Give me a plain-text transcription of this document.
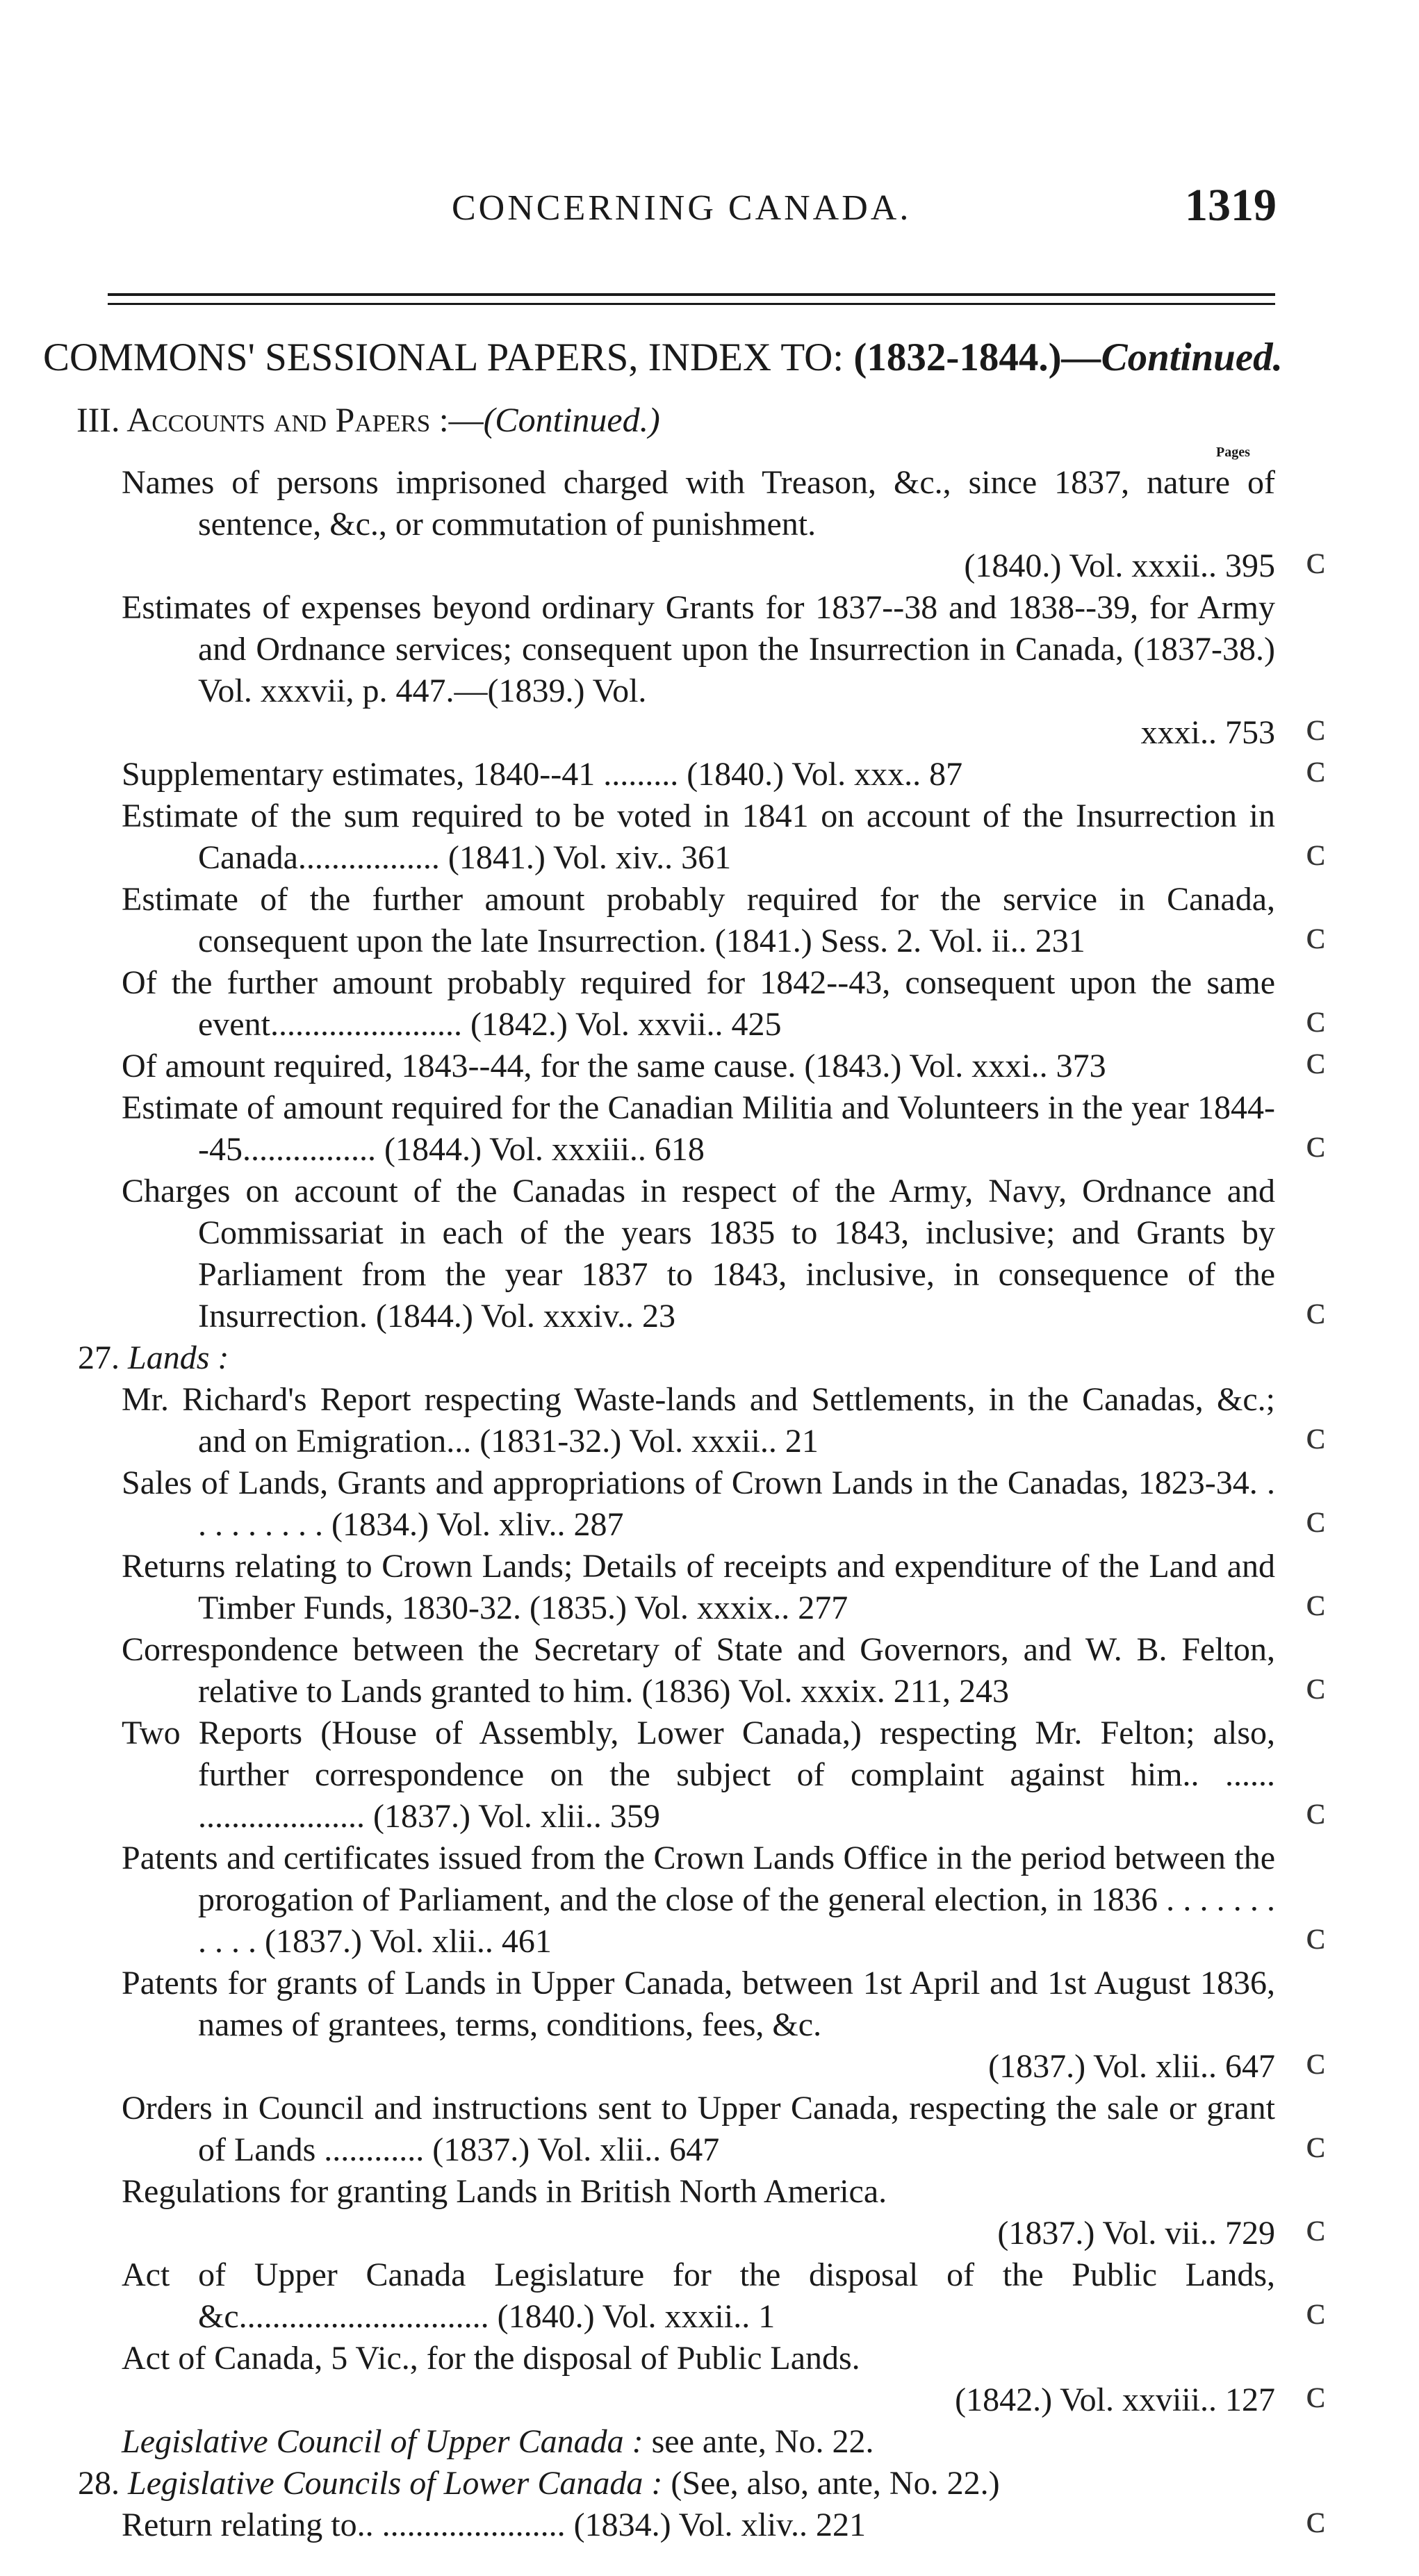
CONCERNING CANADA.	1319
COMMONS' SESSIONAL PAPERS, INDEX TO: (1832-1844.)—Continued.
III. Accounts and Papers :—(Continued.)
Pages
Names of persons imprisoned charged with Treason, &c., since 1837, nature of sentence, &c., or commutation of punishment.
(1840.) Vol. xxxii.. 395 ᴄ
Estimates of expenses beyond ordinary Grants for 1837--38 and 1838--39, for Army and Ordnance services; consequent upon the Insurrection in Canada, (1837-38.) Vol. xxxvii, p. 447.—(1839.) Vol.
xxxi.. 753 ᴄ
Supplementary estimates, 1840--41 ......... (1840.) Vol. xxx.. 87	ᴄ
Estimate of the sum required to be voted in 1841 on account of the Insurrection in Canada................. (1841.) Vol. xiv.. 361	ᴄ
Estimate of the further amount probably required for the service in Canada, consequent upon the late Insurrection. (1841.) Sess. 2. Vol. ii.. 231	ᴄ
Of the further amount probably required for 1842--43, consequent upon the same event....................... (1842.) Vol. xxvii.. 425	ᴄ
Of amount required, 1843--44, for the same cause. (1843.) Vol. xxxi.. 373	ᴄ
Estimate of amount required for the Canadian Militia and Volunteers in the year 1844--45................ (1844.) Vol. xxxiii.. 618	ᴄ
Charges on account of the Canadas in respect of the Army, Navy, Ordnance and Commissariat in each of the years 1835 to 1843, inclusive; and Grants by Parliament from the year 1837 to 1843, inclusive, in consequence of the Insurrection. (1844.) Vol. xxxiv.. 23	ᴄ
27. Lands :
Mr. Richard's Report respecting Waste-lands and Settlements, in the Canadas, &c.; and on Emigration... (1831-32.) Vol. xxxii.. 21	ᴄ
Sales of Lands, Grants and appropriations of Crown Lands in the Canadas, 1823-34. . . . . . . . . . (1834.) Vol. xliv.. 287	ᴄ
Returns relating to Crown Lands; Details of receipts and expenditure of the Land and Timber Funds, 1830-32. (1835.) Vol. xxxix.. 277	ᴄ
Correspondence between the Secretary of State and Governors, and W. B. Felton, relative to Lands granted to him. (1836) Vol. xxxix. 211, 243	ᴄ
Two Reports (House of Assembly, Lower Canada,) respecting Mr. Felton; also, further correspondence on the subject of complaint against him.. ...... .................... (1837.) Vol. xlii.. 359	ᴄ
Patents and certificates issued from the Crown Lands Office in the period between the prorogation of Parliament, and the close of the general election, in 1836 . . . . . . . . . . . (1837.) Vol. xlii.. 461	ᴄ
Patents for grants of Lands in Upper Canada, between 1st April and 1st August 1836, names of grantees, terms, conditions, fees, &c.
(1837.) Vol. xlii.. 647 ᴄ
Orders in Council and instructions sent to Upper Canada, respecting the sale or grant of Lands ............ (1837.) Vol. xlii.. 647	ᴄ
Regulations for granting Lands in British North America.
(1837.) Vol. vii.. 729 ᴄ
Act of Upper Canada Legislature for the disposal of the Public Lands, &c.............................. (1840.) Vol. xxxii.. 1	ᴄ
Act of Canada, 5 Vic., for the disposal of Public Lands.
(1842.) Vol. xxviii.. 127 ᴄ
Legislative Council of Upper Canada : see ante, No. 22.
28. Legislative Councils of Lower Canada : (See, also, ante, No. 22.)
Return relating to.. ...................... (1834.) Vol. xliv.. 221	ᴄ
